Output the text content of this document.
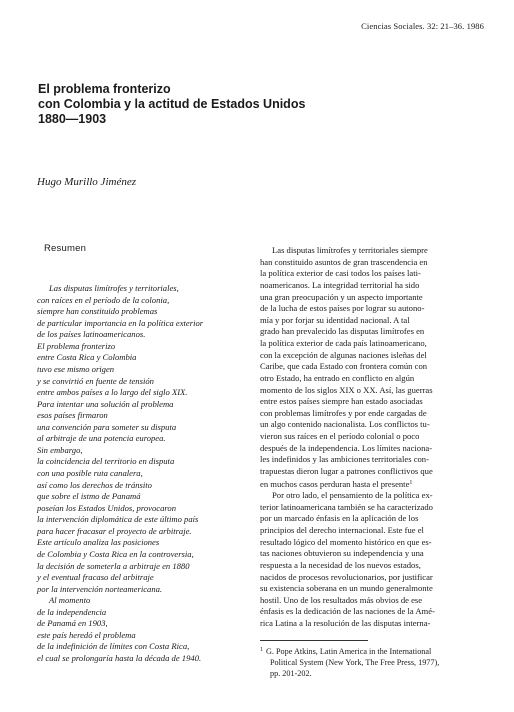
Ciencias Sociales. 32: 21–36. 1986
El problema fronterizo
con Colombia y la actitud de Estados Unidos
1880—1903
Hugo Murillo Jiménez
Resumen
Las disputas limítrofes y territoriales,
con raíces en el período de la colonia,
siempre han constituido problemas
de particular importancia en la política exterior
de los países latinoamericanos.
El problema fronterizo
entre Costa Rica y Colombia
tuvo ese mismo origen
y se convirtió en fuente de tensión
entre ambos países a lo largo del siglo XIX.
Para intentar una solución al problema
esos países firmaron
una convención para someter su disputa
al arbitraje de una potencia europea.
Sin embargo,
la coincidencia del territorio en disputa
con una posible ruta canalera,
así como los derechos de tránsito
que sobre el istmo de Panamá
poseían los Estados Unidos, provocaron
la intervención diplomática de este último país
para hacer fracasar el proyecto de arbitraje.
Este artículo analiza las posiciones
de Colombia y Costa Rica en la controversia,
la decisión de someterla a arbitraje en 1880
y el eventual fracaso del arbitraje
por la intervención norteamericana.
Al momento
de la independencia
de Panamá en 1903,
este país heredó el problema
de la indefinición de límites con Costa Rica,
el cual se prolongaría hasta la década de 1940.
Las disputas limítrofes y territoriales siempre
han constituido asuntos de gran trascendencia en
la política exterior de casi todos los países lati-
noamericanos. La integridad territorial ha sido
una gran preocupación y un aspecto importante
de la lucha de estos países por lograr su autono-
mía y por forjar su identidad nacional. A tal
grado han prevalecido las disputas limítrofes en
la política exterior de cada país latinoamericano,
con la excepción de algunas naciones isleñas del
Caribe, que cada Estado con frontera común con
otro Estado, ha entrado en conflicto en algún
momento de los siglos XIX o XX. Así, las guerras
entre estos países siempre han estado asociadas
con problemas limítrofes y por ende cargadas de
un algo contenido nacionalista. Los conflictos tu-
vieron sus raíces en el período colonial o poco
después de la independencia. Los límites naciona-
les indefinidos y las ambiciones territoriales con-
trapuestas dieron lugar a patrones conflictivos que
en muchos casos perduran hasta el presente$^1$
Por otro lado, el pensamiento de la política ex-
terior latinoamericana también se ha caracterizado
por un marcado énfasis en la aplicación de los
principios del derecho internacional. Este fue el
resultado lógico del momento histórico en que es-
tas naciones obtuvieron su independencia y una
respuesta a la necesidad de los nuevos estados,
nacidos de procesos revolucionarios, por justificar
su existencia soberana en un mundo generalmonte
hostil. Uno de los resultados más obvios de ese
énfasis es la dedicación de las naciones de la Amé-
rica Latina a la resolución de las disputas interna-
$^1$ G. Pope Atkins, Latin America in the International
Political System (New York, The Free Press, 1977),
pp. 201-202.
